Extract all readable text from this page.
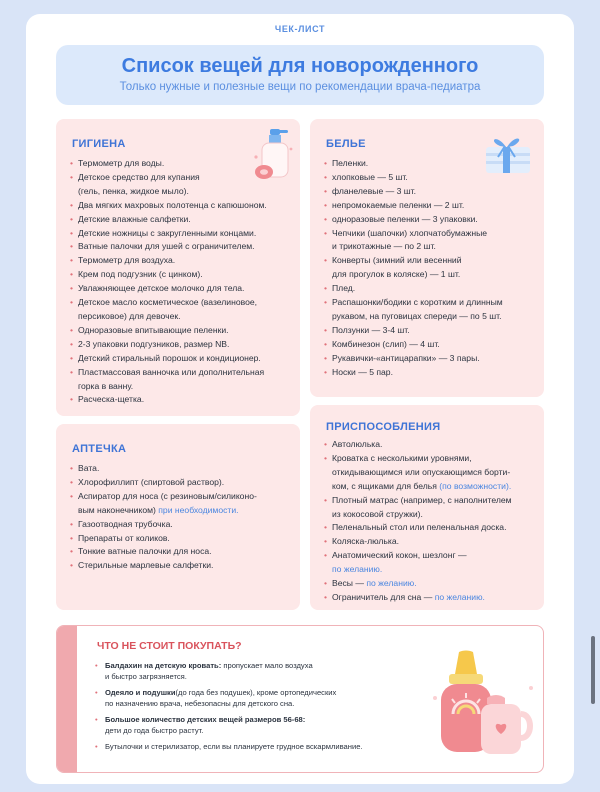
ЧЕК-ЛИСТ
Список вещей для новорожденного

Только нужные и полезные вещи по рекомендации врача-педиатра

ГИГИЕНА
• Термометр для воды.
• Детское средство для купания
(гель, пенка, жидкое мыло).
• Два мягких махровых полотенца с капюшоном.
• Детские влажные салфетки.
• Детские ножницы с закругленными концами.
• Ватные палочки для ушей с ограничителем.
• Термометр для воздуха.
• Крем под подгузник (с цинком).
• Увлажняющее детское молочко для тела.
• Детское масло косметическое (вазелиновое,
персиковое) для девочек.
• Одноразовые впитывающие пеленки.
• 2-3 упаковки подгузников, размер NB.
• Детский стиральный порошок и кондиционер.
• Пластмассовая ванночка или дополнительная
горка в ванну.
• Расческа-щетка.
АПТЕЧКА
• Вата.
• Хлорофиллипт (спиртовой раствор).
• Аспиратор для носа (с резиновым/силиконо-
вым наконечником) при необходимости.
• Газоотводная трубочка.
• Препараты от коликов.
• Тонкие ватные палочки для носа.
• Стерильные марлевые салфетки.
БЕЛЬЕ
• Пеленки.
• хлопковые — 5 шт.
• фланелевые — 3 шт.
• непромокаемые пеленки — 2 шт.
• одноразовые пеленки — 3 упаковки.
• Чепчики (шапочки) хлопчатобумажные
и трикотажные — по 2 шт.
• Конверты (зимний или весенний
для прогулок в коляске) — 1 шт.
• Плед.
• Распашонки/бодики с коротким и длинным
рукавом, на пуговицах спереди — по 5 шт.
• Ползунки — 3-4 шт.
• Комбинезон (слип) — 4 шт.
• Рукавички-«антицарапки» — 3 пары.
• Носки — 5 пар.
ПРИСПОСОБЛЕНИЯ
• Автолюлька.
• Кроватка с несколькими уровнями,
откидывающимся или опускающимся борти-
ком, с ящиками для белья (по возможности).
• Плотный матрас (например, с наполнителем
из кокосовой стружки).
• Пеленальный стол или пеленальная доска.
• Коляска-люлька.
• Анатомический кокон, шезлонг —
по желанию.
• Весы — по желанию.
• Ограничитель для сна — по желанию.
ЧТО НЕ СТОИТ ПОКУПАТЬ?
• Балдахин на детскую кровать: пропускает мало воздуха
и быстро загрязняется.
• Одеяло и подушки(до года без подушек), кроме ортопедических
по назначению врача, небезопасны для детского сна.
• Большое количество детских вещей размеров 56-68:
дети до года быстро растут.
• Бутылочки и стерилизатор, если вы планируете грудное вскармливание.
